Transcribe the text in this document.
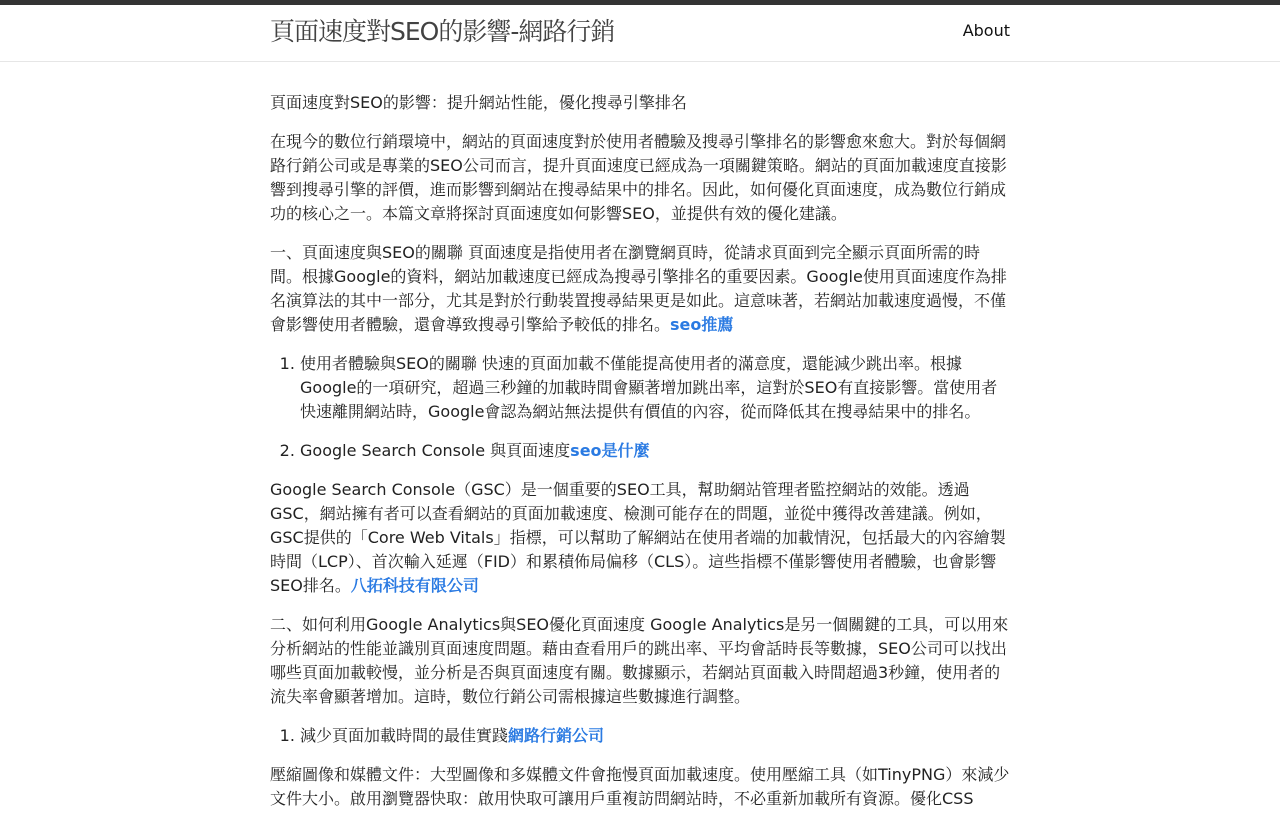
頁面速度對SEO的影響-網路行銷	About

頁面速度對SEO的影響：提升網站性能，優化搜尋引擎排名

在現今的數位行銷環境中，網站的頁面速度對於使用者體驗及搜尋引擎排名的影響愈來愈大。對於每個網路行銷公司或是專業的SEO公司而言，提升頁面速度已經成為一項關鍵策略。網站的頁面加載速度直接影響到搜尋引擎的評價，進而影響到網站在搜尋結果中的排名。因此，如何優化頁面速度，成為數位行銷成功的核心之一。本篇文章將探討頁面速度如何影響SEO，並提供有效的優化建議。

一、頁面速度與SEO的關聯 頁面速度是指使用者在瀏覽網頁時，從請求頁面到完全顯示頁面所需的時間。根據Google的資料，網站加載速度已經成為搜尋引擎排名的重要因素。Google使用頁面速度作為排名演算法的其中一部分，尤其是對於行動裝置搜尋結果更是如此。這意味著，若網站加載速度過慢，不僅會影響使用者體驗，還會導致搜尋引擎給予較低的排名。seo推薦

1. 使用者體驗與SEO的關聯 快速的頁面加載不僅能提高使用者的滿意度，還能減少跳出率。根據Google的一項研究，超過三秒鐘的加載時間會顯著增加跳出率，這對於SEO有直接影響。當使用者快速離開網站時，Google會認為網站無法提供有價值的內容，從而降低其在搜尋結果中的排名。
2. Google Search Console 與頁面速度seo是什麼

Google Search Console（GSC）是一個重要的SEO工具，幫助網站管理者監控網站的效能。透過GSC，網站擁有者可以查看網站的頁面加載速度、檢測可能存在的問題，並從中獲得改善建議。例如，GSC提供的「Core Web Vitals」指標，可以幫助了解網站在使用者端的加載情況，包括最大的內容繪製時間（LCP）、首次輸入延遲（FID）和累積佈局偏移（CLS）。這些指標不僅影響使用者體驗，也會影響SEO排名。八拓科技有限公司

二、如何利用Google Analytics與SEO優化頁面速度 Google Analytics是另一個關鍵的工具，可以用來分析網站的性能並識別頁面速度問題。藉由查看用戶的跳出率、平均會話時長等數據，SEO公司可以找出哪些頁面加載較慢，並分析是否與頁面速度有關。數據顯示，若網站頁面載入時間超過3秒鐘，使用者的流失率會顯著增加。這時，數位行銷公司需根據這些數據進行調整。

1. 減少頁面加載時間的最佳實踐網路行銷公司

壓縮圖像和媒體文件：大型圖像和多媒體文件會拖慢頁面加載速度。使用壓縮工具（如TinyPNG）來減少文件大小。啟用瀏覽器快取：啟用快取可讓用戶重複訪問網站時，不必重新加載所有資源。優化CSS
